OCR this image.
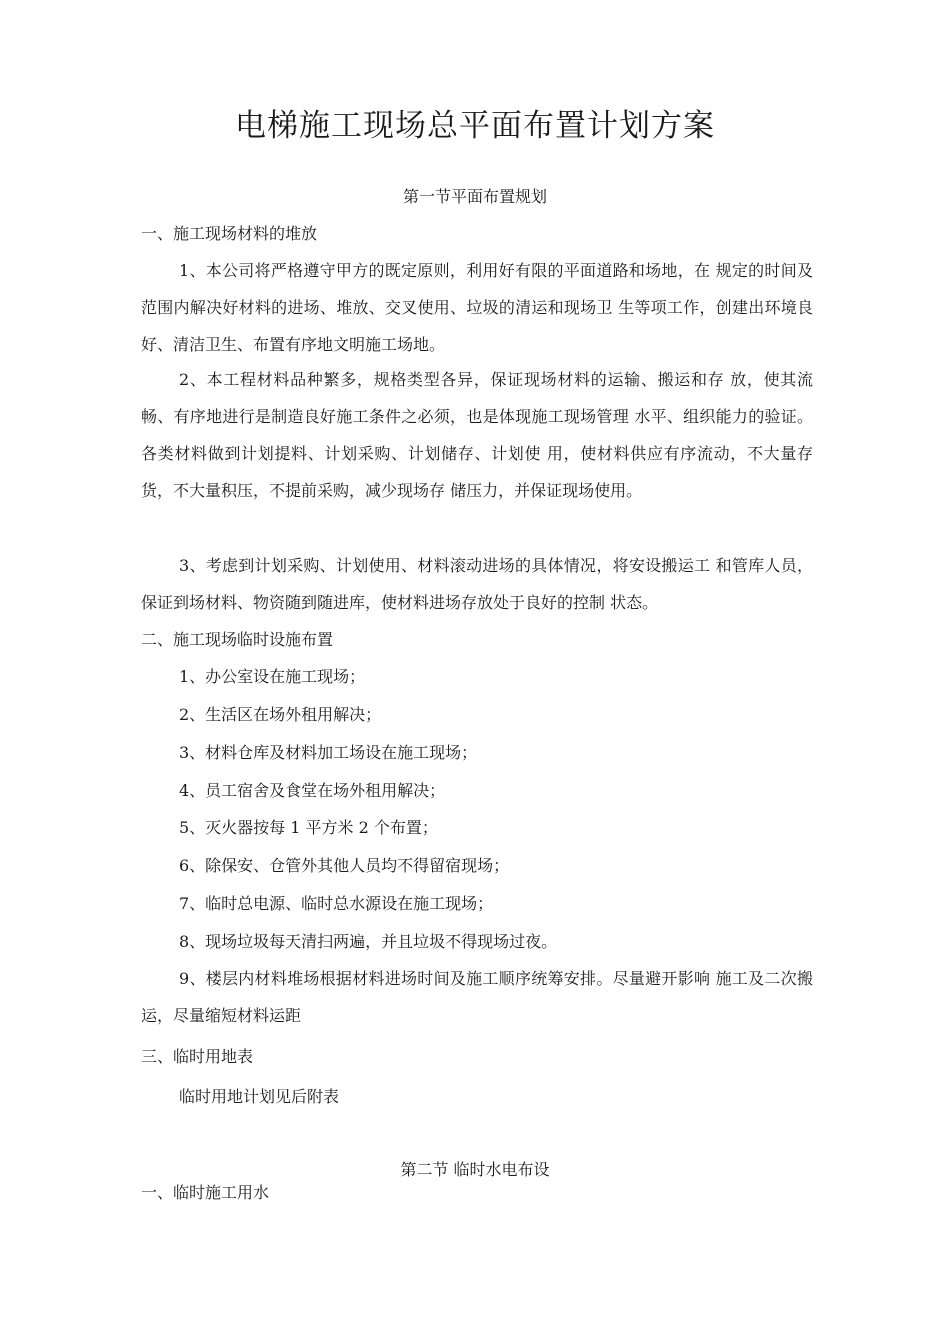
电梯施工现场总平面布置计划方案
第一节平面布置规划
一、施工现场材料的堆放
1、本公司将严格遵守甲方的既定原则，利用好有限的平面道路和场地，在 规定的时间及范围内解决好材料的进场、堆放、交叉使用、垃圾的清运和现场卫 生等项工作，创建出环境良好、清洁卫生、布置有序地文明施工场地。
2、本工程材料品种繁多，规格类型各异，保证现场材料的运输、搬运和存 放，使其流畅、有序地进行是制造良好施工条件之必须，也是体现施工现场管理 水平、组织能力的验证。各类材料做到计划提料、计划采购、计划储存、计划使 用，使材料供应有序流动，不大量存货，不大量积压，不提前采购，减少现场存 储压力，并保证现场使用。
3、考虑到计划采购、计划使用、材料滚动进场的具体情况，将安设搬运工 和管库人员，保证到场材料、物资随到随进库，使材料进场存放处于良好的控制 状态。
二、施工现场临时设施布置
1、办公室设在施工现场；
2、生活区在场外租用解决；
3、材料仓库及材料加工场设在施工现场；
4、员工宿舍及食堂在场外租用解决；
5、灭火器按每 1 平方米 2 个布置；
6、除保安、仓管外其他人员均不得留宿现场；
7、临时总电源、临时总水源设在施工现场；
8、现场垃圾每天清扫两遍，并且垃圾不得现场过夜。
9、楼层内材料堆场根据材料进场时间及施工顺序统筹安排。尽量避开影响 施工及二次搬运，尽量缩短材料运距
三、临时用地表
临时用地计划见后附表
第二节 临时水电布设
一、临时施工用水
